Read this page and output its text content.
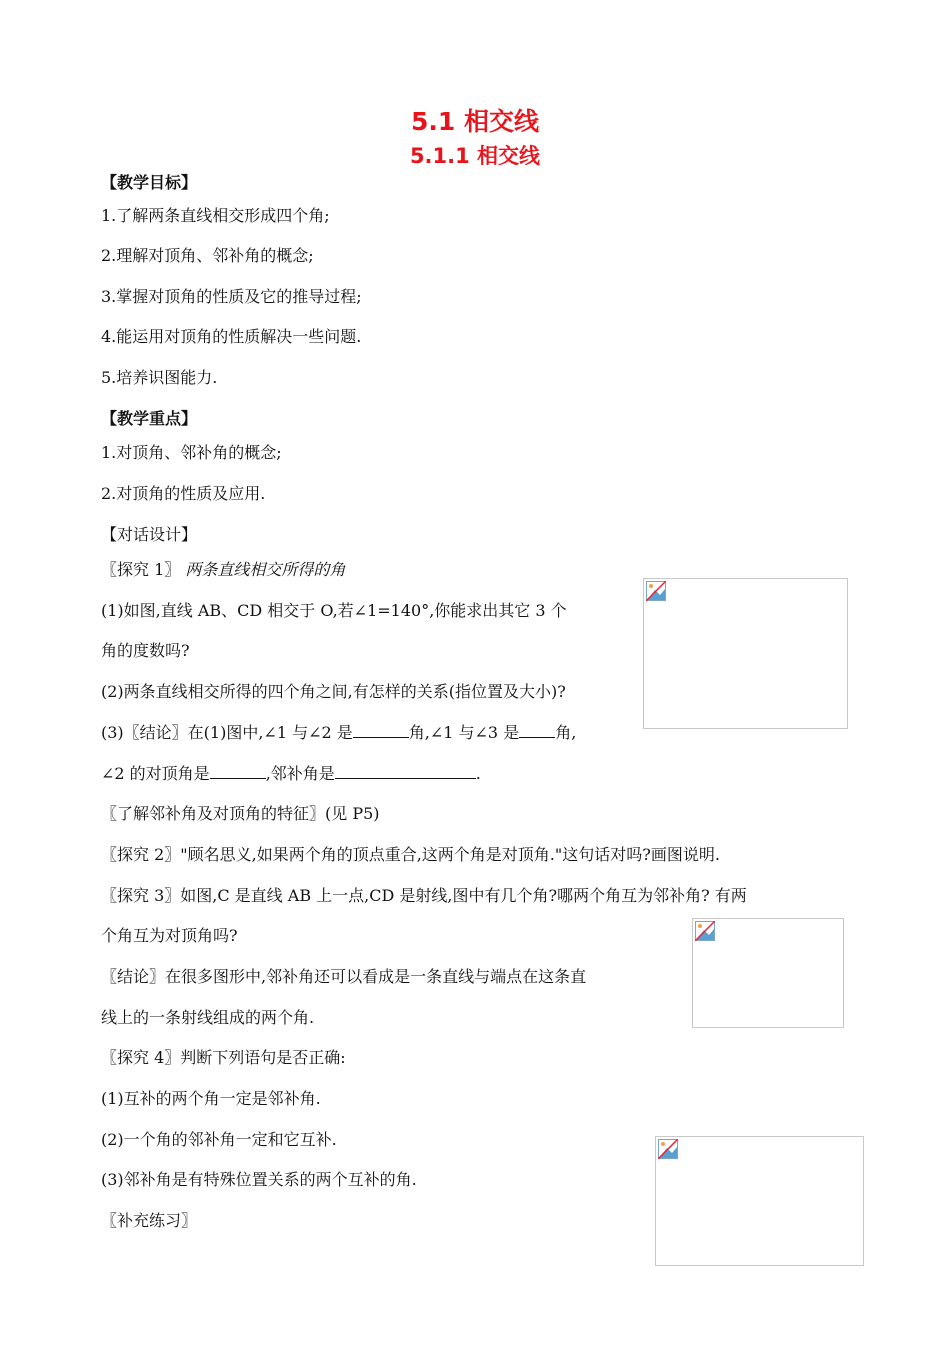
5.1 相交线
5.1.1 相交线
【教学目标】
1.了解两条直线相交形成四个角;
2.理解对顶角、邻补角的概念;
3.掌握对顶角的性质及它的推导过程;
4.能运用对顶角的性质解决一些问题.
5.培养识图能力.
【教学重点】
1.对顶角、邻补角的概念;
2.对顶角的性质及应用.
【对话设计】
〖探究 1〗 两条直线相交所得的角
(1)如图,直线 AB、CD 相交于 O,若∠1=140°,你能求出其它 3 个
角的度数吗?
(2)两条直线相交所得的四个角之间,有怎样的关系(指位置及大小)?
(3)〖结论〗在(1)图中,∠1 与∠2 是	角,∠1 与∠3 是 角,
∠2 的对顶角是	,邻补角是	.
〖了解邻补角及对顶角的特征〗(见 P5)
〖探究 2〗"顾名思义,如果两个角的顶点重合,这两个角是对顶角."这句话对吗?画图说明.
〖探究 3〗如图,C 是直线 AB 上一点,CD 是射线,图中有几个角?哪两个角互为邻补角? 有两
个角互为对顶角吗?
〖结论〗在很多图形中,邻补角还可以看成是一条直线与端点在这条直
线上的一条射线组成的两个角.
〖探究 4〗判断下列语句是否正确:
(1)互补的两个角一定是邻补角.
(2)一个角的邻补角一定和它互补.
(3)邻补角是有特殊位置关系的两个互补的角.
〖补充练习〗
